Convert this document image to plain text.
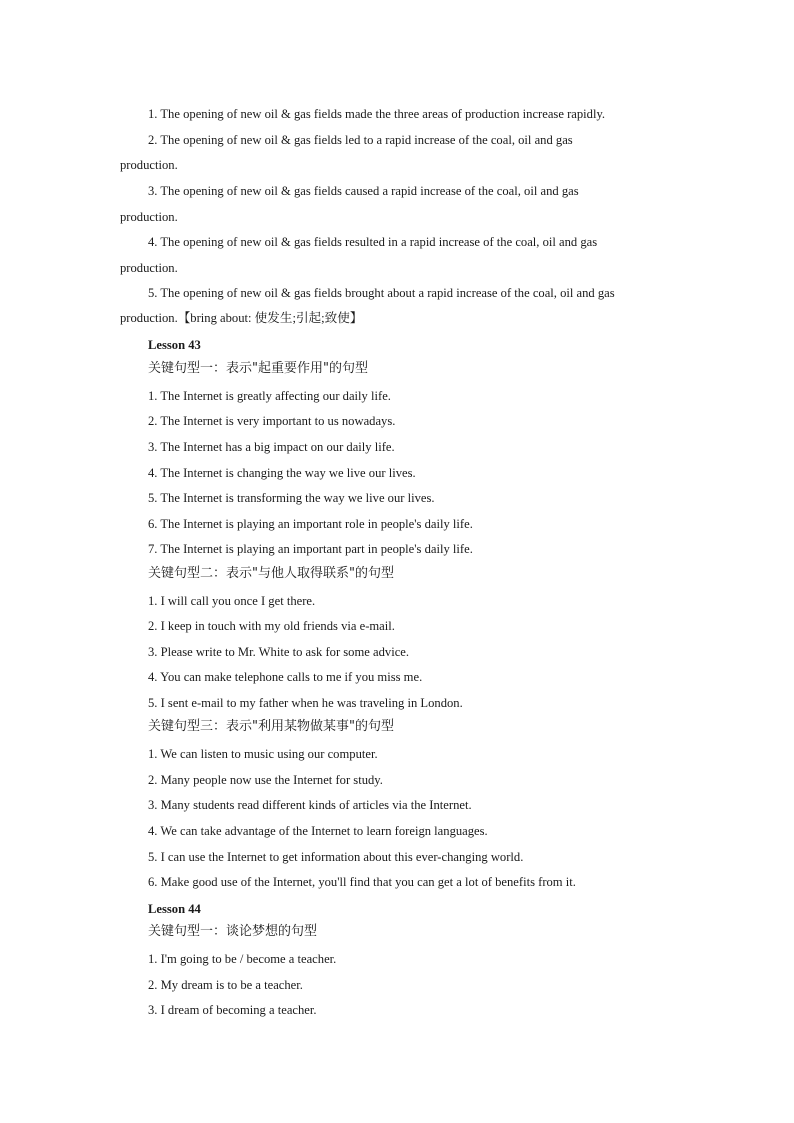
1. The opening of new oil & gas fields made the three areas of production increase rapidly.
2. The opening of new oil & gas fields led to a rapid increase of the coal, oil and gas
production.
3. The opening of new oil & gas fields caused a rapid increase of the coal, oil and gas
production.
4. The opening of new oil & gas fields resulted in a rapid increase of the coal, oil and gas
production.
5. The opening of new oil & gas fields brought about a rapid increase of the coal, oil and gas
production.【bring about: 使发生;引起;致使】
Lesson 43
关键句型一：表示"起重要作用"的句型
1. The Internet is greatly affecting our daily life.
2. The Internet is very important to us nowadays.
3. The Internet has a big impact on our daily life.
4. The Internet is changing the way we live our lives.
5. The Internet is transforming the way we live our lives.
6. The Internet is playing an important role in people's daily life.
7. The Internet is playing an important part in people's daily life.
关键句型二：表示"与他人取得联系"的句型
1. I will call you once I get there.
2. I keep in touch with my old friends via e-mail.
3. Please write to Mr. White to ask for some advice.
4. You can make telephone calls to me if you miss me.
5. I sent e-mail to my father when he was traveling in London.
关键句型三：表示"利用某物做某事"的句型
1. We can listen to music using our computer.
2. Many people now use the Internet for study.
3. Many students read different kinds of articles via the Internet.
4. We can take advantage of the Internet to learn foreign languages.
5. I can use the Internet to get information about this ever-changing world.
6. Make good use of the Internet, you'll find that you can get a lot of benefits from it.
Lesson 44
关键句型一：谈论梦想的句型
1. I'm going to be / become a teacher.
2. My dream is to be a teacher.
3. I dream of becoming a teacher.
